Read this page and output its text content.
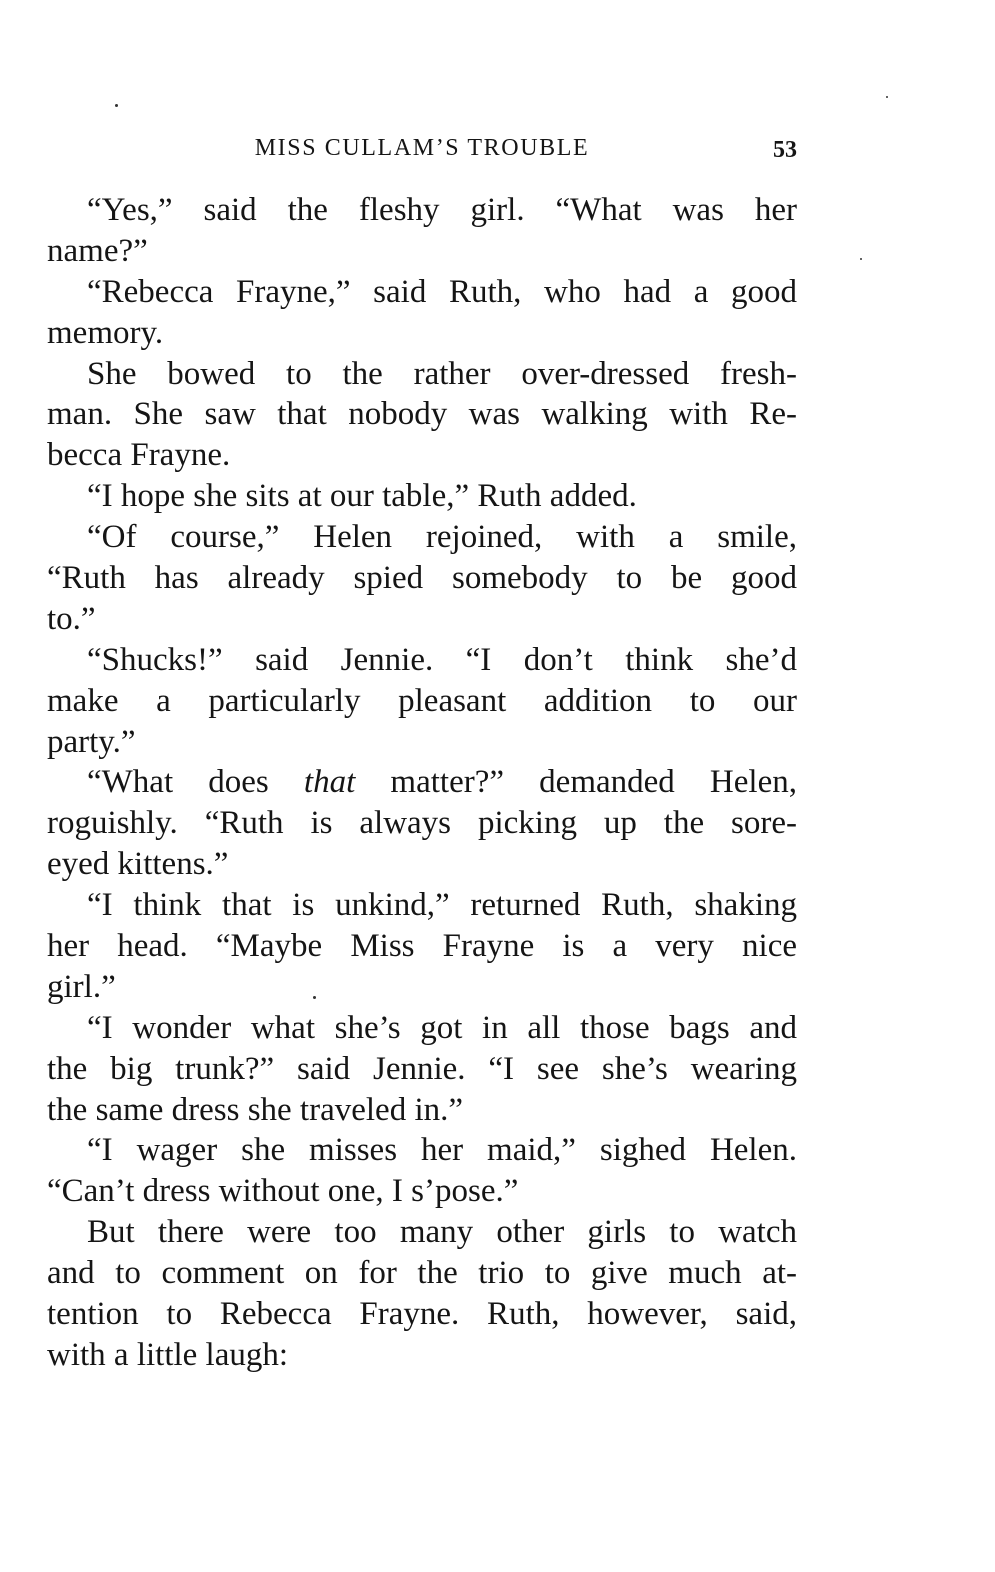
MISS CULLAM’S TROUBLE	53
“Yes,” said the fleshy girl. “What was her
name?”
“Rebecca Frayne,” said Ruth, who had a good
memory.
She bowed to the rather over-dressed fresh-
man. She saw that nobody was walking with Re-
becca Frayne.
“I hope she sits at our table,” Ruth added.
“Of course,” Helen rejoined, with a smile,
“Ruth has already spied somebody to be good
to.”
“Shucks!” said Jennie. “I don’t think she’d
make a particularly pleasant addition to our
party.”
“What does that matter?” demanded Helen,
roguishly. “Ruth is always picking up the sore-
eyed kittens.”
“I think that is unkind,” returned Ruth, shaking
her head. “Maybe Miss Frayne is a very nice
girl.”
“I wonder what she’s got in all those bags and
the big trunk?” said Jennie. “I see she’s wearing
the same dress she traveled in.”
“I wager she misses her maid,” sighed Helen.
“Can’t dress without one, I s’pose.”
But there were too many other girls to watch
and to comment on for the trio to give much at-
tention to Rebecca Frayne. Ruth, however, said,
with a little laugh:
